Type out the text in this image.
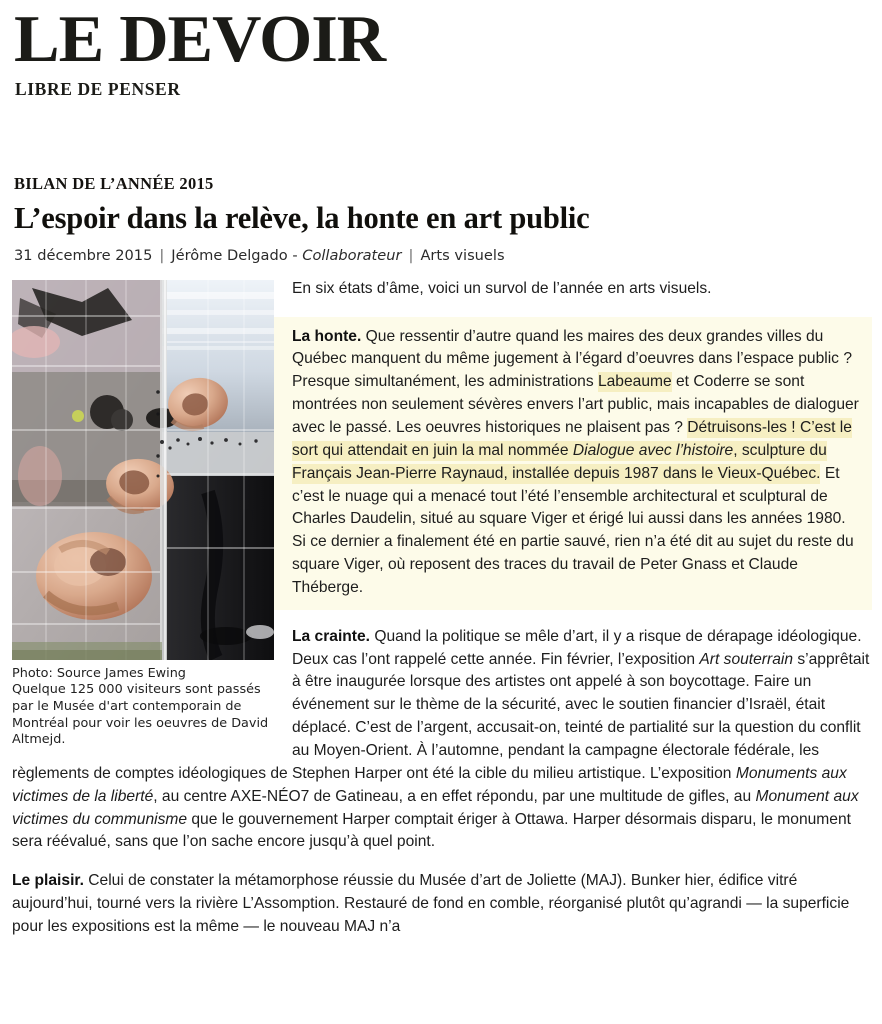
LE DEVOIR
LIBRE DE PENSER
BILAN DE L’ANNÉE 2015
L’espoir dans la relève, la honte en art public
31 décembre 2015 | Jérôme Delgado - Collaborateur | Arts visuels
Photo: Source James Ewing
Quelque 125 000 visiteurs sont passés par le Musée d'art contemporain de Montréal pour voir les oeuvres de David Altmejd.

En six états d’âme, voici un survol de l’année en arts visuels.

La honte. Que ressentir d’autre quand les maires des deux grandes villes du Québec manquent du même jugement à l’égard d’oeuvres dans l’espace public ? Presque simultanément, les administrations Labeaume et Coderre se sont montrées non seulement sévères envers l’art public, mais incapables de dialoguer avec le passé. Les oeuvres historiques ne plaisent pas ? Détruisons-les ! C’est le sort qui attendait en juin la mal nommée Dialogue avec l’histoire, sculpture du Français Jean-Pierre Raynaud, installée depuis 1987 dans le Vieux-Québec. Et c’est le nuage qui a menacé tout l’été l’ensemble architectural et sculptural de Charles Daudelin, situé au square Viger et érigé lui aussi dans les années 1980. Si ce dernier a finalement été en partie sauvé, rien n’a été dit au sujet du reste du square Viger, où reposent des traces du travail de Peter Gnass et Claude Théberge.

La crainte. Quand la politique se mêle d’art, il y a risque de dérapage idéologique. Deux cas l’ont rappelé cette année. Fin février, l’exposition Art souterrain s’apprêtait à être inaugurée lorsque des artistes ont appelé à son boycottage. Faire un événement sur le thème de la sécurité, avec le soutien financier d’Israël, était déplacé. C’est de l’argent, accusait-on, teinté de partialité sur la question du conflit au Moyen-Orient. À l’automne, pendant la campagne électorale fédérale, les règlements de comptes idéologiques de Stephen Harper ont été la cible du milieu artistique. L’exposition Monuments aux victimes de la liberté, au centre AXE-NÉO7 de Gatineau, a en effet répondu, par une multitude de gifles, au Monument aux victimes du communisme que le gouvernement Harper comptait ériger à Ottawa. Harper désormais disparu, le monument sera réévalué, sans que l’on sache encore jusqu’à quel point.

Le plaisir. Celui de constater la métamorphose réussie du Musée d’art de Joliette (MAJ). Bunker hier, édifice vitré aujourd’hui, tourné vers la rivière L’Assomption. Restauré de fond en comble, réorganisé plutôt qu’agrandi — la superficie pour les expositions est la même — le nouveau MAJ n’a
